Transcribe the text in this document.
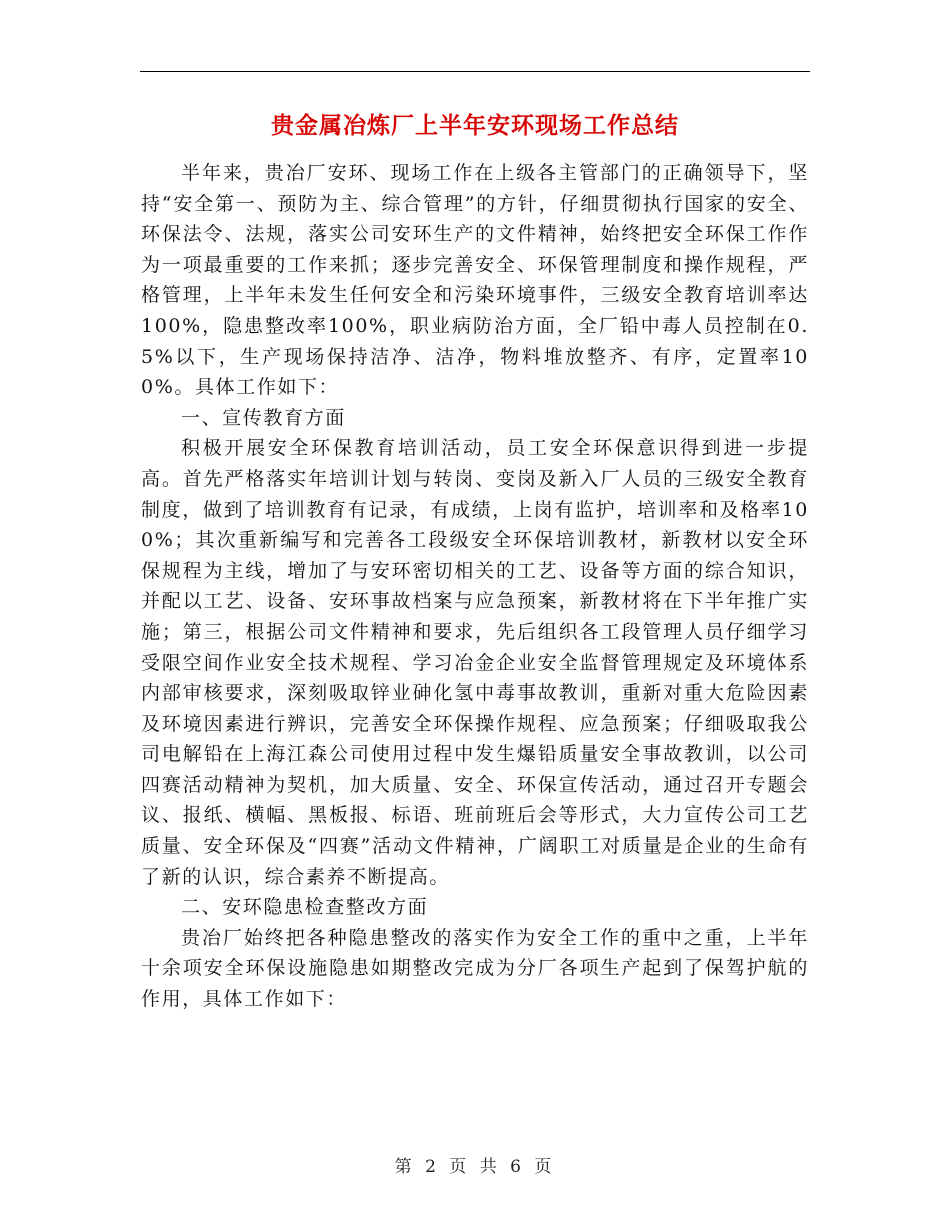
贵金属冶炼厂上半年安环现场工作总结

半年来，贵冶厂安环、现场工作在上级各主管部门的正确领导下，坚持“安全第一、预防为主、综合管理”的方针，仔细贯彻执行国家的安全、环保法令、法规，落实公司安环生产的文件精神，始终把安全环保工作作为一项最重要的工作来抓；逐步完善安全、环保管理制度和操作规程，严格管理，上半年未发生任何安全和污染环境事件，三级安全教育培训率达100%，隐患整改率100%，职业病防治方面，全厂铅中毒人员控制在0.5%以下，生产现场保持洁净、洁净，物料堆放整齐、有序，定置率100%。具体工作如下：

一、宣传教育方面

积极开展安全环保教育培训活动，员工安全环保意识得到进一步提高。首先严格落实年培训计划与转岗、变岗及新入厂人员的三级安全教育制度，做到了培训教育有记录，有成绩，上岗有监护，培训率和及格率100%；其次重新编写和完善各工段级安全环保培训教材，新教材以安全环保规程为主线，增加了与安环密切相关的工艺、设备等方面的综合知识，并配以工艺、设备、安环事故档案与应急预案，新教材将在下半年推广实施；第三，根据公司文件精神和要求，先后组织各工段管理人员仔细学习受限空间作业安全技术规程、学习冶金企业安全监督管理规定及环境体系内部审核要求，深刻吸取锌业砷化氢中毒事故教训，重新对重大危险因素及环境因素进行辨识，完善安全环保操作规程、应急预案；仔细吸取我公司电解铅在上海江森公司使用过程中发生爆铅质量安全事故教训，以公司四赛活动精神为契机，加大质量、安全、环保宣传活动，通过召开专题会议、报纸、横幅、黑板报、标语、班前班后会等形式，大力宣传公司工艺质量、安全环保及“四赛”活动文件精神，广阔职工对质量是企业的生命有了新的认识，综合素养不断提高。

二、安环隐患检查整改方面

贵冶厂始终把各种隐患整改的落实作为安全工作的重中之重，上半年十余项安全环保设施隐患如期整改完成为分厂各项生产起到了保驾护航的作用，具体工作如下：

第 2 页 共 6 页
